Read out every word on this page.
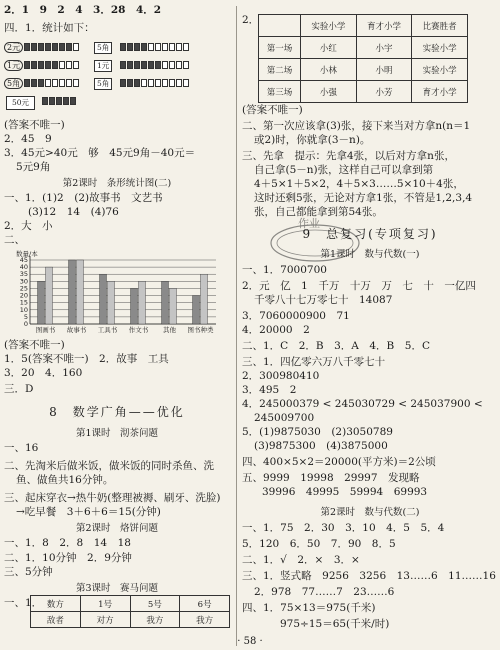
2．1　9　2　4　3．28　4．2
四．1．统计如下：
2元	5角
1元	1元
5角	5角
50元
(答案不唯一)
2．45　9
3．45元>40元　够　45元9角－40元＝
5元9角
第2课时　条形统计图(二)
一、1．(1)2　(2)故事书　文艺书
(3)12　14　(4)76
2．大　小
二、
数量/本
0
5
10
15
20
25
30
35
40
45
图画书 故事书 工具书 作文书 其他 图书种类
(答案不唯一)
1．5(答案不唯一)　2．故事　工具
3．20　4．160
三．D
8　数学广角——优化
第1课时　沏茶问题
一、16
二、先淘米后做米饭，做米饭的同时杀鱼、洗
鱼、做鱼共16分钟。
三、起床穿衣→热牛奶(整理被褥、刷牙、洗脸)
→吃早餐　3＋6＋6＝15(分钟)
第2课时　烙饼问题
一、1．8　2．8　14　18
二、1．10分钟　2．9分钟
三、5分钟
第3课时　赛马问题
一、1． 数方	1号	5号	6号
敌者	对方	我方	我方
2．
	实验小学	育才小学	比赛胜者
第一场	小红	小宇	实验小学
第二场	小林	小明	实验小学
第三场	小强	小芳	育才小学
(答案不唯一)
二、第一次应该拿(3)张，接下来当对方拿n(n＝1
或2)时，你就拿(3－n)。
三、先拿　提示：先拿4张，以后对方拿n张，
自己拿(5－n)张，这样自己可以拿到第
4＋5×1＋5×2，4＋5×3……5×10＋4张，
这时还剩5张，无论对方拿1张，不管是1,2,3,4
张，自己都能拿到第54张。
作业
9　总复习(专项复习)
第1课时　数与代数(一)
一、1．7000700
2．元　亿　1　千万　十万　万　七　十　一亿四
千零八十七万零七十　14087
3．7060000900　71
4．20000　2
二、1．C　2．B　3．A　4．B　5．C
三、1．四亿零六万八千零七十
2．300980410
3．495　2
4．245000379 < 245030729 < 245037900 <
245009700
5．(1)9875030　(2)3050789
(3)9875300　(4)3875000
四、400×5×2＝20000(平方米)＝2公顷
五、9999　19998　29997　发现略
39996　49995　59994　69993
第2课时　数与代数(二)
一、1．75　2．30　3．10　4．5　5．4
5．120　6．50　7．90　8．5
二、1．√　2．×　3．×
三、1．竖式略　9256　3256　13……6　11……16
2．978　77……7　23……6
四、1．75×13＝975(千米)
975÷15＝65(千米/时)
· 58 ·
